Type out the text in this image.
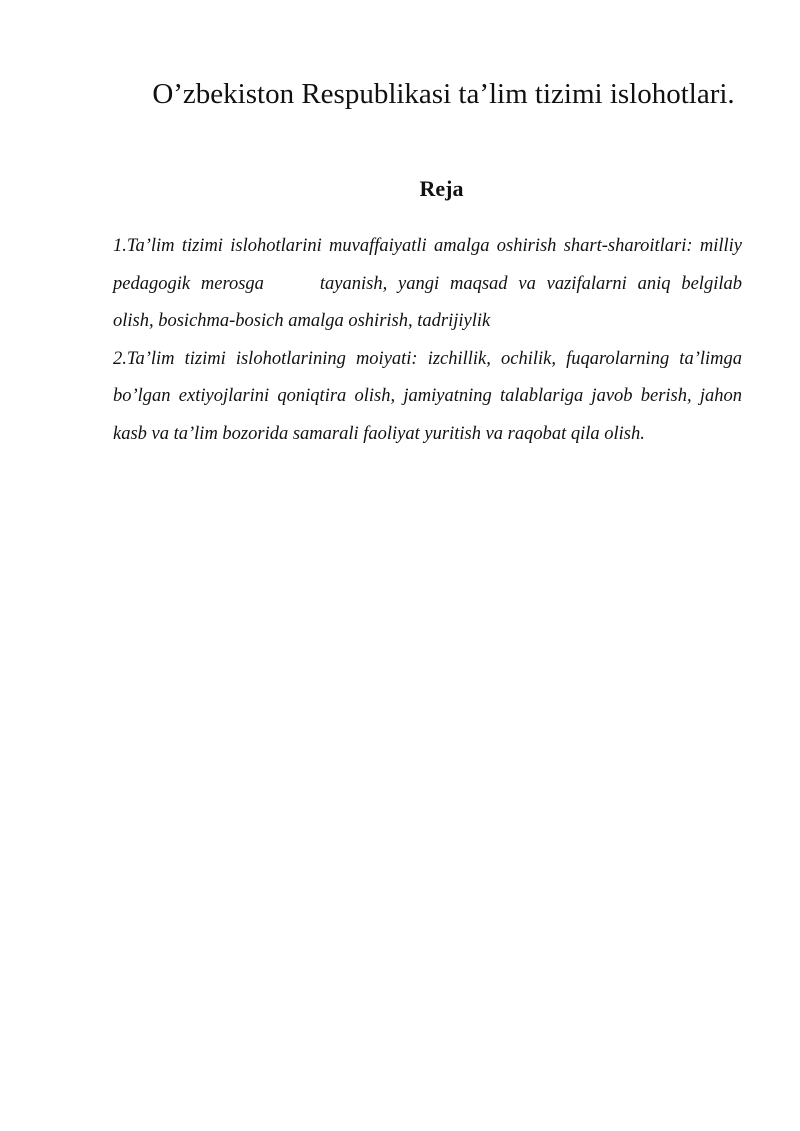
O’zbekiston Respublikasi ta’lim tizimi islohotlari.
Reja
1.Ta’lim tizimi islohotlarini muvaffaiyatli amalga oshirish shart-sharoitlari: milliy pedagogik merosga	tayanish, yangi maqsad va vazifalarni aniq belgilab olish, bosichma-bosich amalga oshirish, tadrijiylik
2.Ta’lim tizimi islohotlarining moiyati: izchillik, ochilik, fuqarolarning ta’limga bo’lgan extiyojlarini qoniqtira olish, jamiyatning talablariga javob berish, jahon kasb va ta’lim bozorida samarali faoliyat yuritish va raqobat qila olish.
